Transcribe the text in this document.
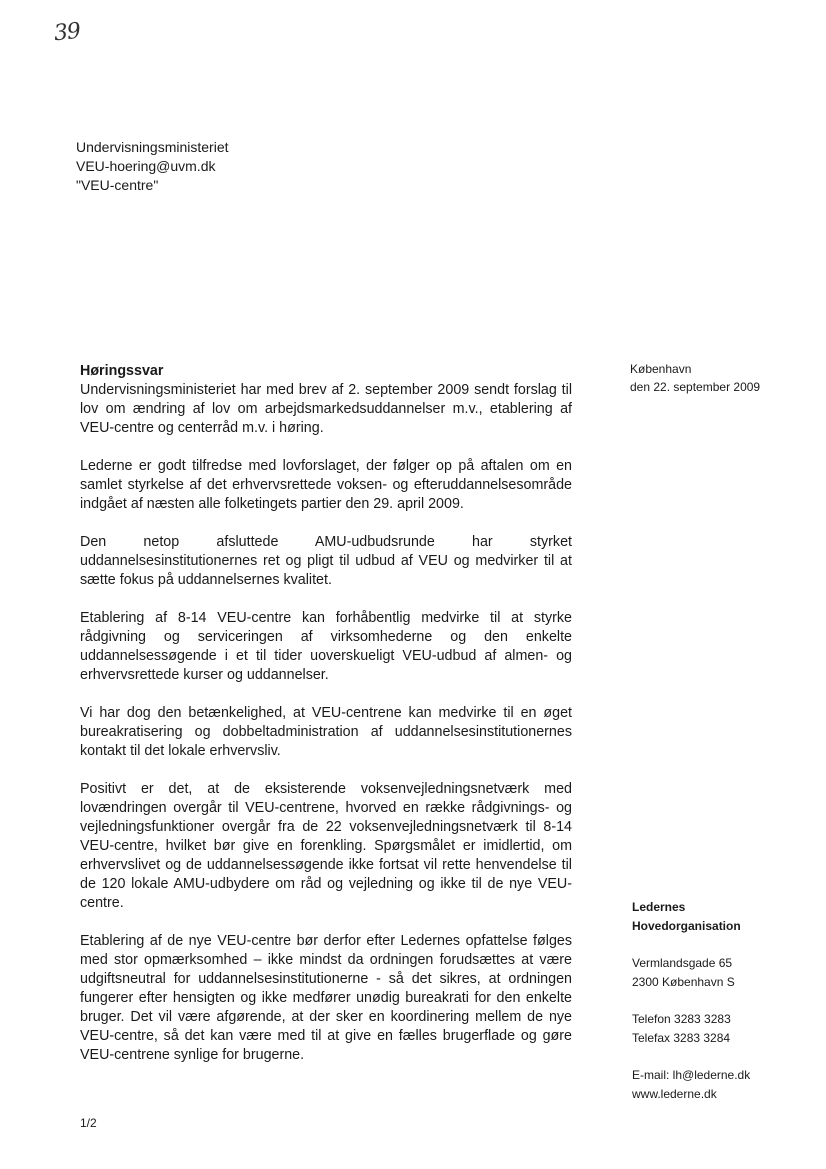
39
Undervisningsministeriet
VEU-hoering@uvm.dk
"VEU-centre"
København
den 22. september 2009
Høringssvar

Undervisningsministeriet har med brev af 2. september 2009 sendt forslag til lov om ændring af lov om arbejdsmarkedsuddannelser m.v., etablering af VEU-centre og centerråd m.v. i høring.

Lederne er godt tilfredse med lovforslaget, der følger op på aftalen om en samlet styrkelse af det erhvervsrettede voksen- og efteruddannelsesområde indgået af næsten alle folketingets partier den 29. april 2009.

Den netop afsluttede AMU-udbudsrunde har styrket uddannelsesinstitutionernes ret og pligt til udbud af VEU og medvirker til at sætte fokus på uddannelsernes kvalitet.

Etablering af 8-14 VEU-centre kan forhåbentlig medvirke til at styrke rådgivning og serviceringen af virksomhederne og den enkelte uddannelsessøgende i et til tider uoverskueligt VEU-udbud af almen- og erhvervsrettede kurser og uddannelser.

Vi har dog den betænkelighed, at VEU-centrene kan medvirke til en øget bureakratisering og dobbeltadministration af uddannelsesinstitutionernes kontakt til det lokale erhvervsliv.

Positivt er det, at de eksisterende voksenvejledningsnetværk med lovændringen overgår til VEU-centrene, hvorved en række rådgivnings- og vejledningsfunktioner overgår fra de 22 voksenvejledningsnetværk til 8-14 VEU-centre, hvilket bør give en forenkling. Spørgsmålet er imidlertid, om erhvervslivet og de uddannelsessøgende ikke fortsat vil rette henvendelse til de 120 lokale AMU-udbydere om råd og vejledning og ikke til de nye VEU-centre.

Etablering af de nye VEU-centre bør derfor efter Ledernes opfattelse følges med stor opmærksomhed – ikke mindst da ordningen forudsættes at være udgiftsneutral for uddannelsesinstitutionerne - så det sikres, at ordningen fungerer efter hensigten og ikke medfører unødig bureakrati for den enkelte bruger. Det vil være afgørende, at der sker en koordinering mellem de nye VEU-centre, så det kan være med til at give en fælles brugerflade og gøre VEU-centrene synlige for brugerne.

Ledernes
Hovedorganisation
Vermlandsgade 65
2300 København S
Telefon 3283 3283
Telefax 3283 3284
E-mail: lh@lederne.dk
www.lederne.dk
1/2
